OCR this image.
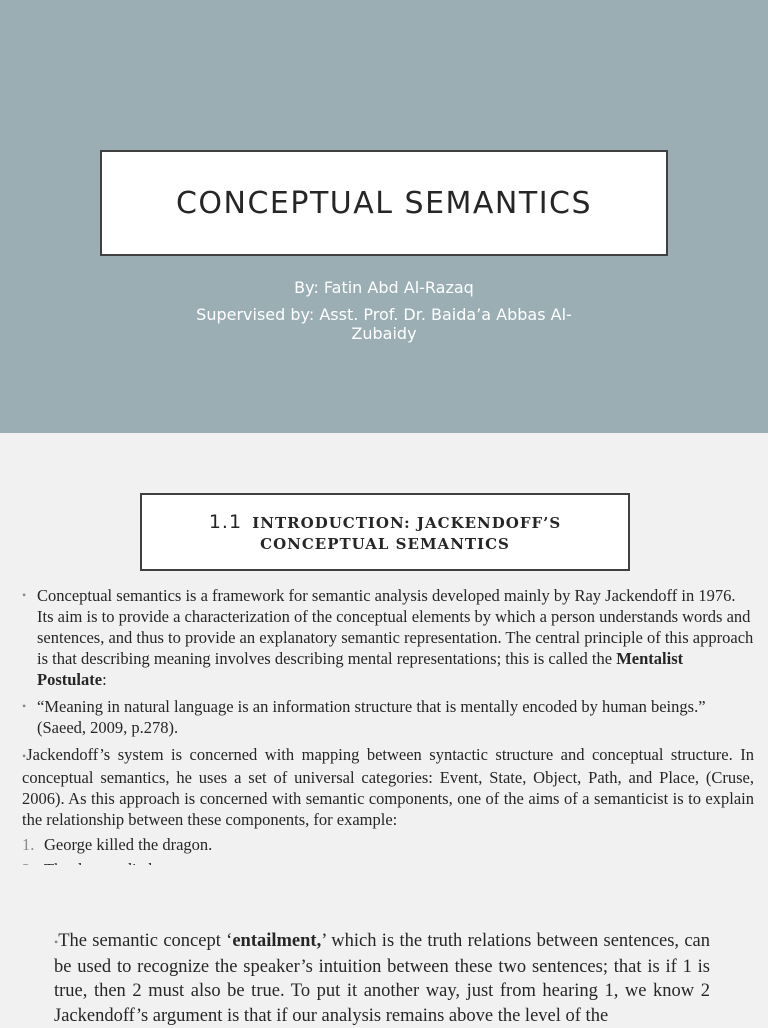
CONCEPTUAL SEMANTICS
By: Fatin Abd Al-Razaq
Supervised by: Asst. Prof. Dr. Baida’a Abbas Al-
Zubaidy
1.1 INTRODUCTION: JACKENDOFF’S
CONCEPTUAL SEMANTICS
• Conceptual semantics is a framework for semantic analysis developed mainly by Ray Jackendoff in 1976. Its aim is to provide a characterization of the conceptual elements by which a person understands words and sentences, and thus to provide an explanatory semantic representation. The central principle of this approach is that describing meaning involves describing mental representations; this is called the Mentalist Postulate:
• “Meaning in natural language is an information structure that is mentally encoded by human beings.” (Saeed, 2009, p.278).
•Jackendoff’s system is concerned with mapping between syntactic structure and conceptual structure. In conceptual semantics, he uses a set of universal categories: Event, State, Object, Path, and Place, (Cruse, 2006). As this approach is concerned with semantic components, one of the aims of a semanticist is to explain the relationship between these components, for example:
1. George killed the dragon.
•The semantic concept ‘entailment,’ which is the truth relations between sentences, can be used to recognize the speaker’s intuition between these two sentences; that is if 1 is true, then 2 must also be true. To put it another way, just from hearing 1, we know 2 Jackendoff’s argument is that if our analysis remains above the level of the
